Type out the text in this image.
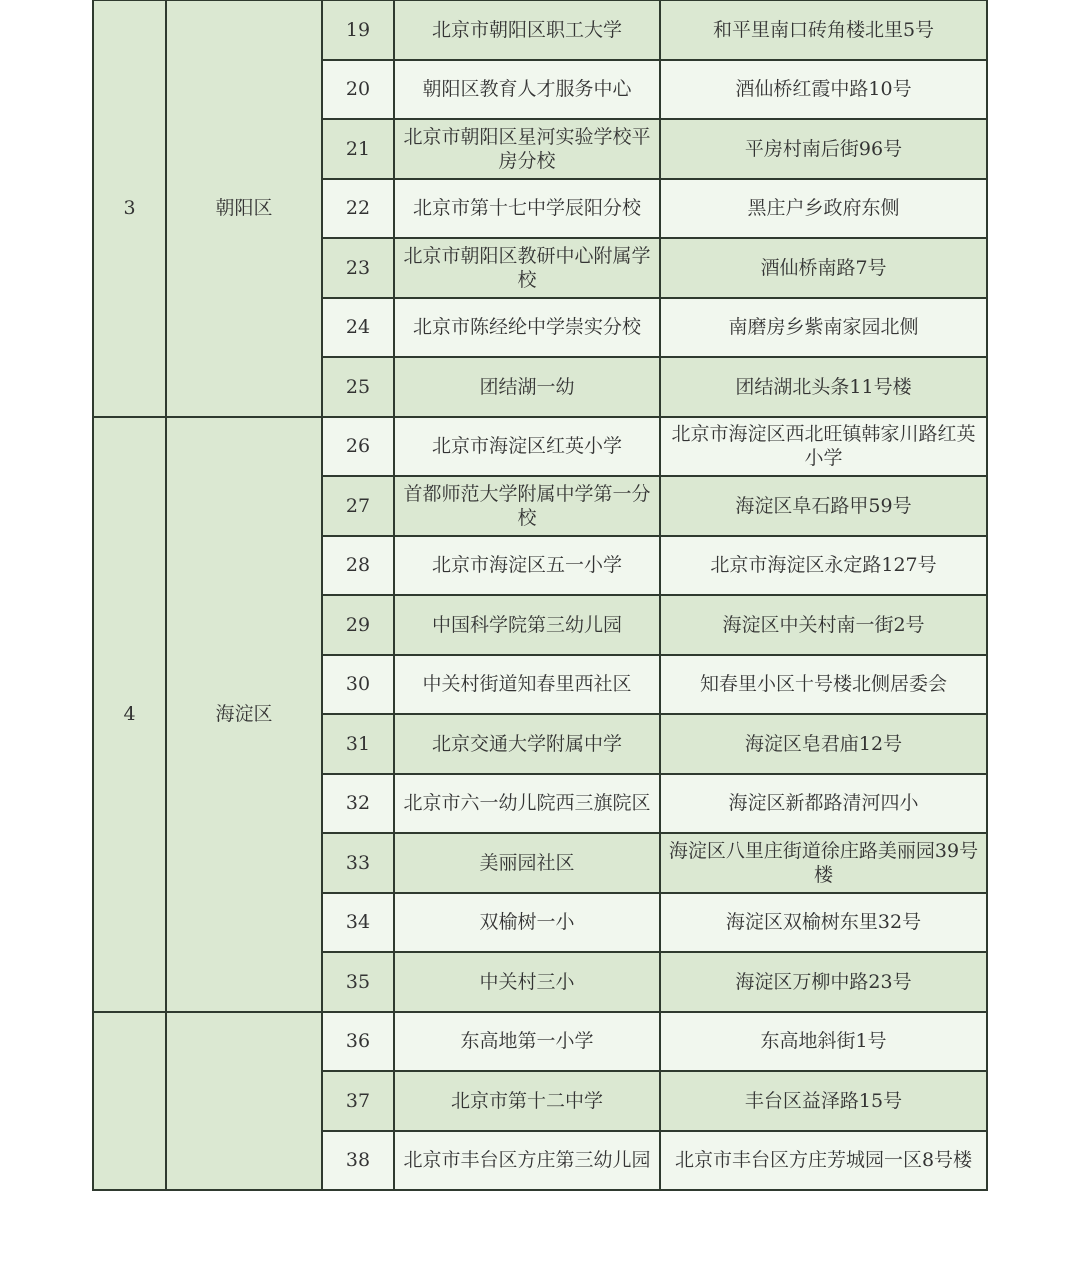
3	朝阳区	19	北京市朝阳区职工大学	和平里南口砖角楼北里5号
		20	朝阳区教育人才服务中心	酒仙桥红霞中路10号
		21	北京市朝阳区星河实验学校平房分校	平房村南后街96号
		22	北京市第十七中学辰阳分校	黑庄户乡政府东侧
		23	北京市朝阳区教研中心附属学校	酒仙桥南路7号
		24	北京市陈经纶中学崇实分校	南磨房乡紫南家园北侧
		25	团结湖一幼	团结湖北头条11号楼
4	海淀区	26	北京市海淀区红英小学	北京市海淀区西北旺镇韩家川路红英小学
		27	首都师范大学附属中学第一分校	海淀区阜石路甲59号
		28	北京市海淀区五一小学	北京市海淀区永定路127号
		29	中国科学院第三幼儿园	海淀区中关村南一街2号
		30	中关村街道知春里西社区	知春里小区十号楼北侧居委会
		31	北京交通大学附属中学	海淀区皂君庙12号
		32	北京市六一幼儿院西三旗院区	海淀区新都路清河四小
		33	美丽园社区	海淀区八里庄街道徐庄路美丽园39号楼
		34	双榆树一小	海淀区双榆树东里32号
		35	中关村三小	海淀区万柳中路23号
		36	东高地第一小学	东高地斜街1号
		37	北京市第十二中学	丰台区益泽路15号
		38	北京市丰台区方庄第三幼儿园	北京市丰台区方庄芳城园一区8号楼
